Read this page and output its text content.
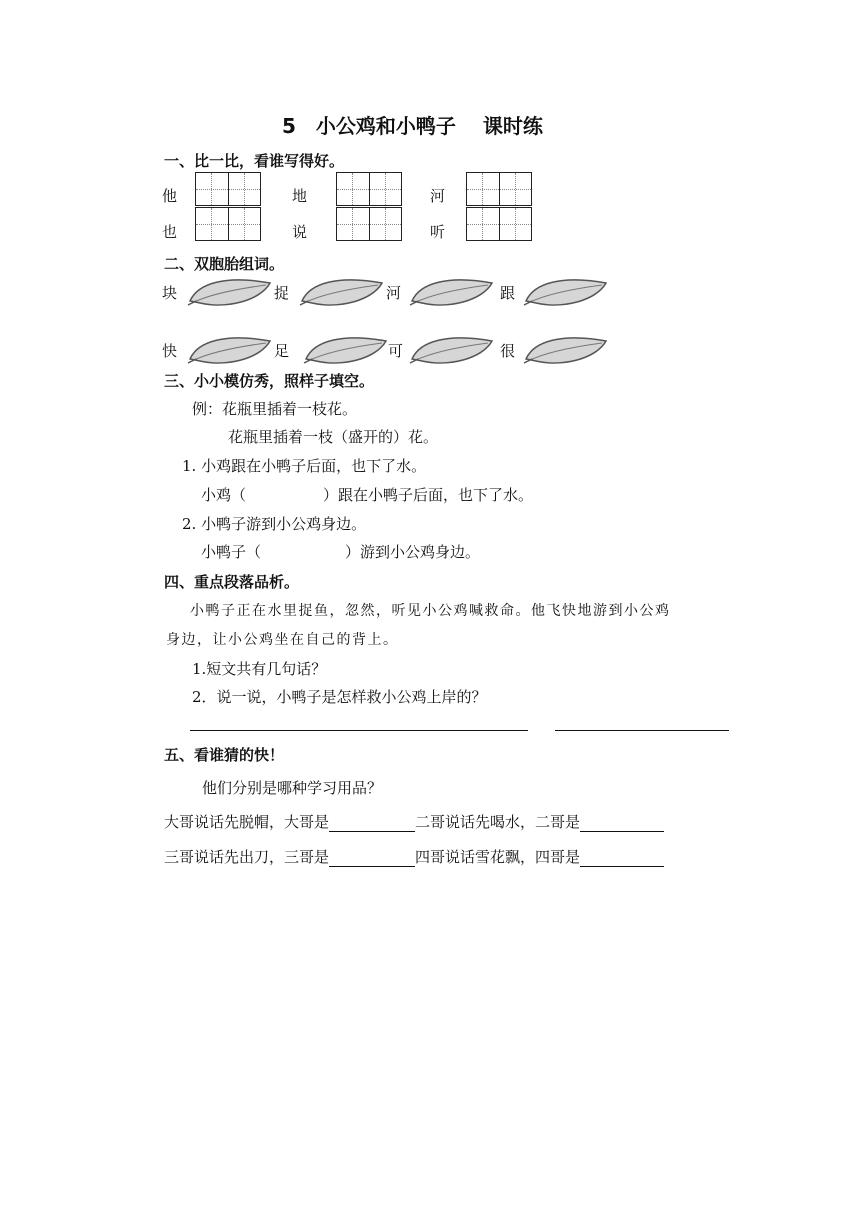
5　小公鸡和小鸭子　 课时练
一、比一比，看谁写得好。
他	地	河
也	说	听
二、双胞胎组词。
块	捉	河	跟
快	足	可	很
三、小小模仿秀，照样子填空。
例：花瓶里插着一枝花。
花瓶里插着一枝（盛开的）花。
1. 小鸡跟在小鸭子后面，也下了水。
小鸡（	）跟在小鸭子后面，也下了水。
2. 小鸭子游到小公鸡身边。
小鸭子（	）游到小公鸡身边。
四、重点段落品析。
小鸭子正在水里捉鱼，忽然，听见小公鸡喊救命。他飞快地游到小公鸡
身边，让小公鸡坐在自己的背上。
1.短文共有几句话？
2．说一说，小鸭子是怎样救小公鸡上岸的？
五、看谁猜的快！
他们分别是哪种学习用品？
大哥说话先脱帽，大哥是	二哥说话先喝水，二哥是
三哥说话先出刀，三哥是	四哥说话雪花飘，四哥是
